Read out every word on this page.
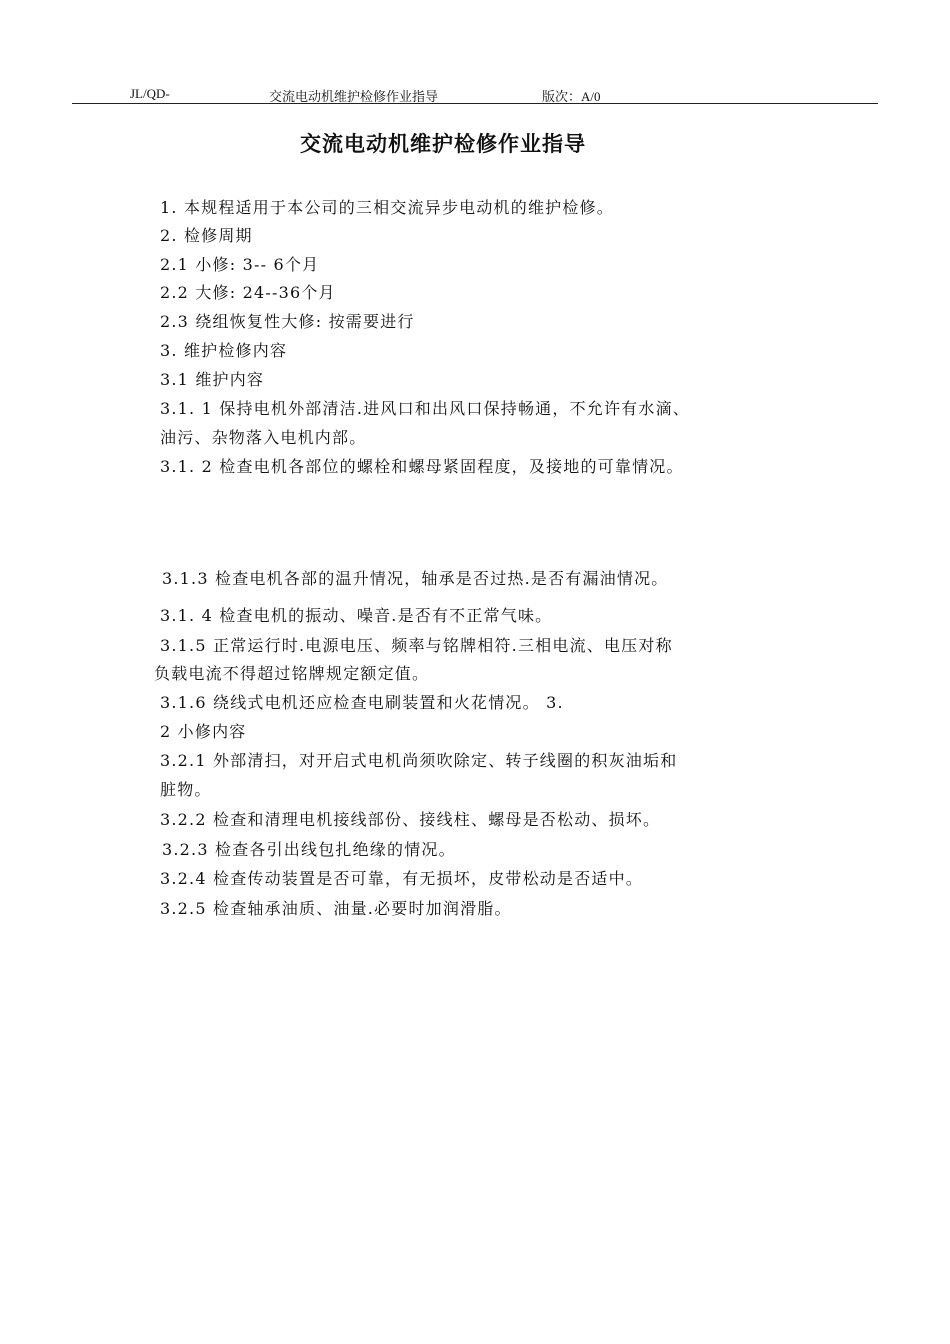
JL/QD-	交流电动机维护检修作业指导	版次：A/0
交流电动机维护检修作业指导
1. 本规程适用于本公司的三相交流异步电动机的维护检修。
2. 检修周期
2.1 小修: 3-- 6个月
2.2 大修: 24--36个月
2.3 绕组恢复性大修: 按需要进行
3. 维护检修内容
3.1 维护内容
3.1. 1 保持电机外部清洁.进风口和出风口保持畅通，不允许有水滴、
油污、杂物落入电机内部。
3.1. 2 检查电机各部位的螺栓和螺母紧固程度，及接地的可靠情况。
3.1.3 检查电机各部的温升情况，轴承是否过热.是否有漏油情况。
3.1. 4 检查电机的振动、噪音.是否有不正常气味。
3.1.5 正常运行时.电源电压、频率与铭牌相符.三相电流、电压对称
负载电流不得超过铭牌规定额定值。
3.1.6 绕线式电机还应检查电刷装置和火花情况。 3.
2 小修内容
3.2.1 外部清扫，对开启式电机尚须吹除定、转子线圈的积灰油垢和
脏物。
3.2.2 检查和清理电机接线部份、接线柱、螺母是否松动、损坏。
3.2.3 检查各引出线包扎绝缘的情况。
3.2.4 检查传动装置是否可靠，有无损坏，皮带松动是否适中。
3.2.5 检查轴承油质、油量.必要时加润滑脂。
